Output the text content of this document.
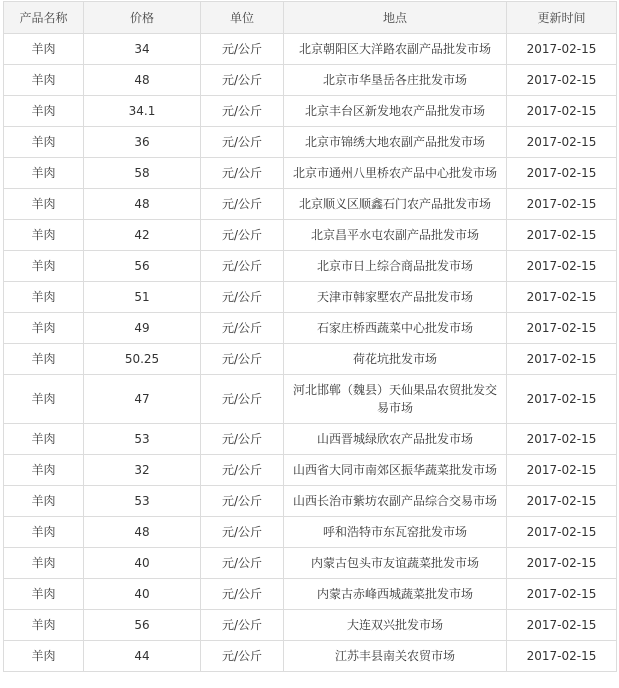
产品名称	价格	单位	地点	更新时间
羊肉	34	元/公斤	北京朝阳区大洋路农副产品批发市场	2017-02-15
羊肉	48	元/公斤	北京市华垦岳各庄批发市场	2017-02-15
羊肉	34.1	元/公斤	北京丰台区新发地农产品批发市场	2017-02-15
羊肉	36	元/公斤	北京市锦绣大地农副产品批发市场	2017-02-15
羊肉	58	元/公斤	北京市通州八里桥农产品中心批发市场	2017-02-15
羊肉	48	元/公斤	北京顺义区顺鑫石门农产品批发市场	2017-02-15
羊肉	42	元/公斤	北京昌平水屯农副产品批发市场	2017-02-15
羊肉	56	元/公斤	北京市日上综合商品批发市场	2017-02-15
羊肉	51	元/公斤	天津市韩家墅农产品批发市场	2017-02-15
羊肉	49	元/公斤	石家庄桥西蔬菜中心批发市场	2017-02-15
羊肉	50.25	元/公斤	荷花坑批发市场	2017-02-15
羊肉	47	元/公斤	河北邯郸（魏县）天仙果品农贸批发交易市场	2017-02-15
羊肉	53	元/公斤	山西晋城绿欣农产品批发市场	2017-02-15
羊肉	32	元/公斤	山西省大同市南郊区振华蔬菜批发市场	2017-02-15
羊肉	53	元/公斤	山西长治市紫坊农副产品综合交易市场	2017-02-15
羊肉	48	元/公斤	呼和浩特市东瓦窑批发市场	2017-02-15
羊肉	40	元/公斤	内蒙古包头市友谊蔬菜批发市场	2017-02-15
羊肉	40	元/公斤	内蒙古赤峰西城蔬菜批发市场	2017-02-15
羊肉	56	元/公斤	大连双兴批发市场	2017-02-15
羊肉	44	元/公斤	江苏丰县南关农贸市场	2017-02-15
